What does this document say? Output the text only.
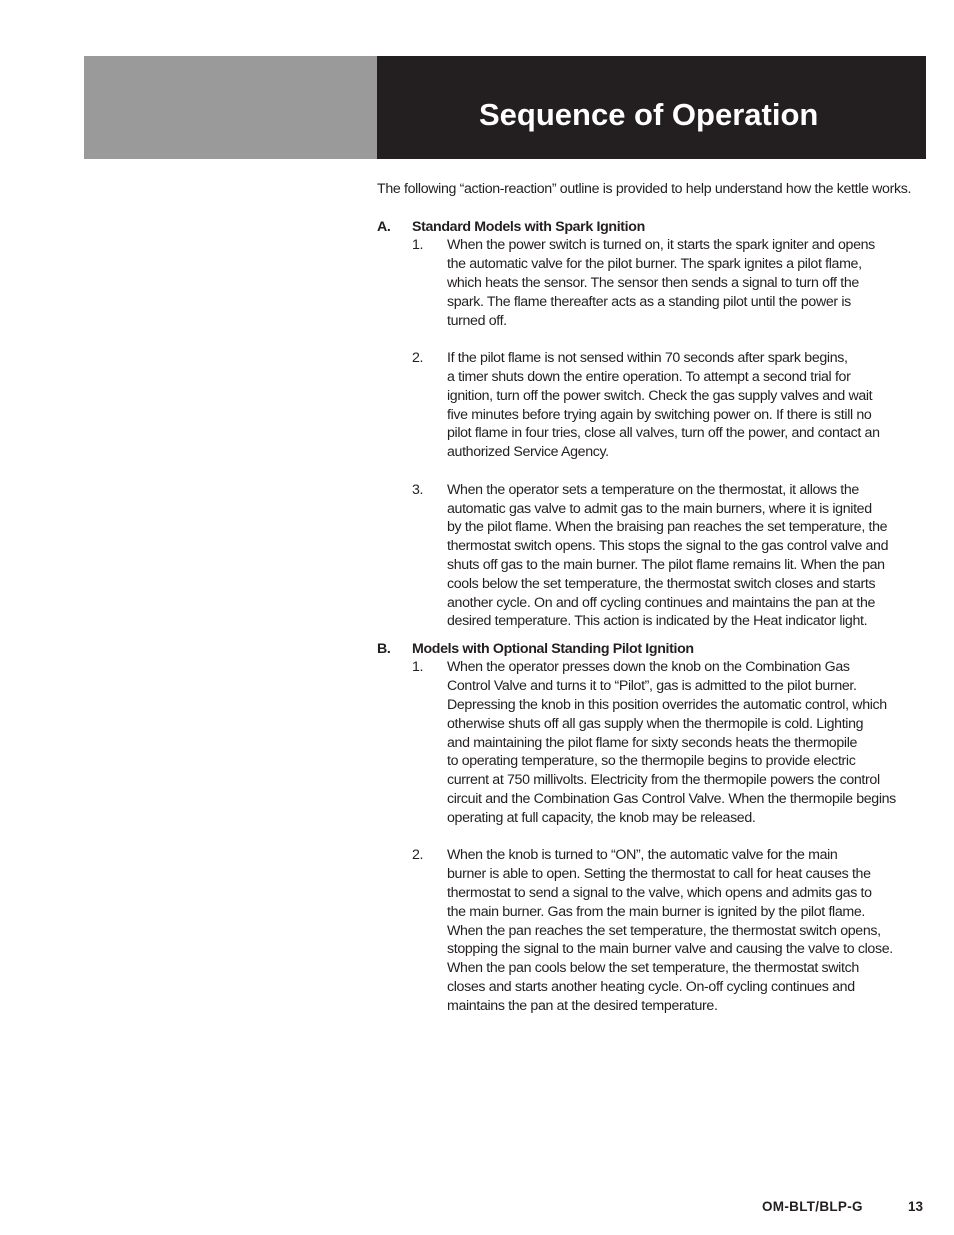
Sequence of Operation

The following “action-reaction” outline is provided to help understand how the kettle works.

A.	Standard Models with Spark Ignition
1.	When the power switch is turned on, it starts the spark igniter and opens
the automatic valve for the pilot burner. The spark ignites a pilot flame,
which heats the sensor. The sensor then sends a signal to turn off the
spark. The flame thereafter acts as a standing pilot until the power is
turned off.
2.	If the pilot flame is not sensed within 70 seconds after spark begins,
a timer shuts down the entire operation. To attempt a second trial for
ignition, turn off the power switch. Check the gas supply valves and wait
five minutes before trying again by switching power on. If there is still no
pilot flame in four tries, close all valves, turn off the power, and contact an
authorized Service Agency.
3.	When the operator sets a temperature on the thermostat, it allows the
automatic gas valve to admit gas to the main burners, where it is ignited
by the pilot flame. When the braising pan reaches the set temperature, the
thermostat switch opens. This stops the signal to the gas control valve and
shuts off gas to the main burner. The pilot flame remains lit. When the pan
cools below the set temperature, the thermostat switch closes and starts
another cycle. On and off cycling continues and maintains the pan at the
desired temperature. This action is indicated by the Heat indicator light.
B.	Models with Optional Standing Pilot Ignition
1.	When the operator presses down the knob on the Combination Gas
Control Valve and turns it to “Pilot”, gas is admitted to the pilot burner.
Depressing the knob in this position overrides the automatic control, which
otherwise shuts off all gas supply when the thermopile is cold. Lighting
and maintaining the pilot flame for sixty seconds heats the thermopile
to operating temperature, so the thermopile begins to provide electric
current at 750 millivolts. Electricity from the thermopile powers the control
circuit and the Combination Gas Control Valve. When the thermopile begins
operating at full capacity, the knob may be released.
2.	When the knob is turned to “ON”, the automatic valve for the main
burner is able to open. Setting the thermostat to call for heat causes the
thermostat to send a signal to the valve, which opens and admits gas to
the main burner. Gas from the main burner is ignited by the pilot flame.
When the pan reaches the set temperature, the thermostat switch opens,
stopping the signal to the main burner valve and causing the valve to close.
When the pan cools below the set temperature, the thermostat switch
closes and starts another heating cycle. On-off cycling continues and
maintains the pan at the desired temperature.
OM-BLT/BLP-G	13
